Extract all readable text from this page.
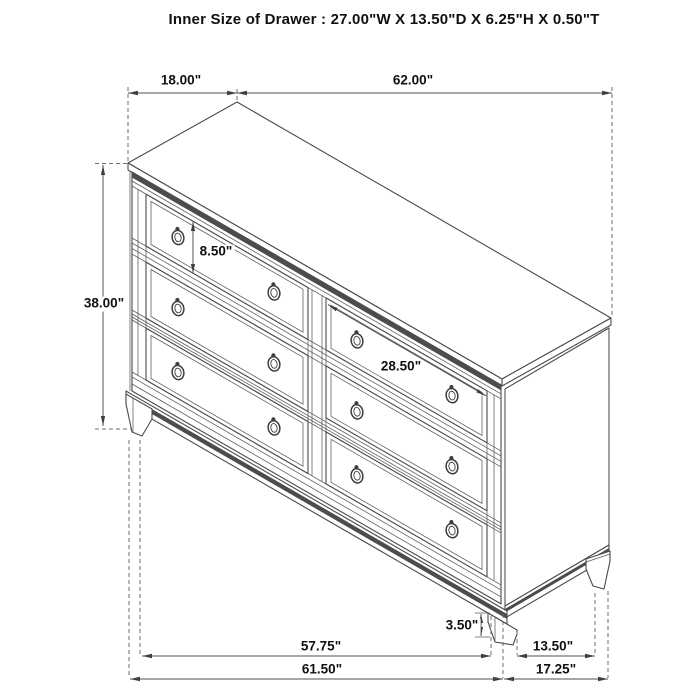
Inner Size of Drawer : 27.00"W X 13.50"D X 6.25"H X 0.50"T
18.00"	62.00"
38.00"
8.50"
28.50"
3.50"
57.75"
61.50"
13.50"
17.25"
